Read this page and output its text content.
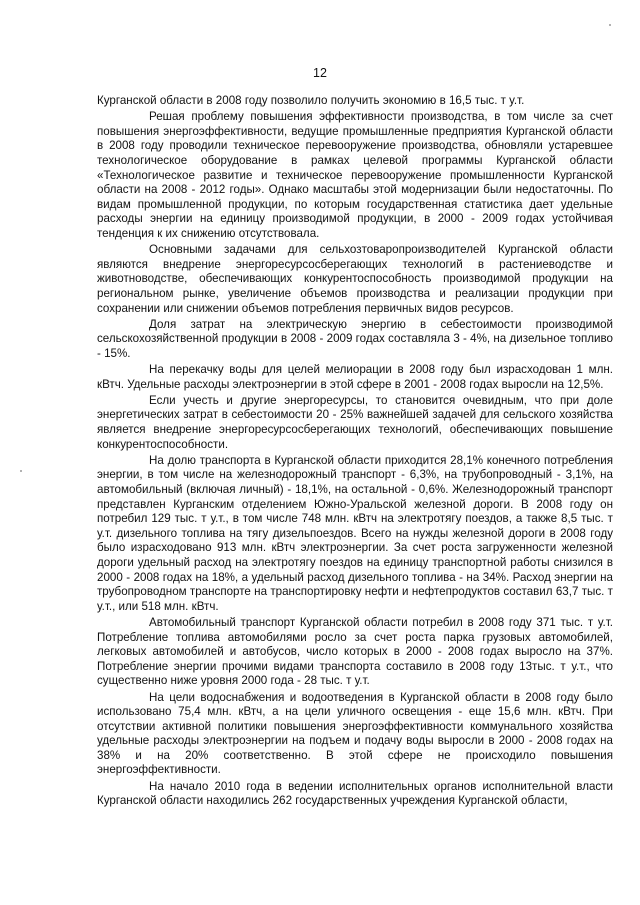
12

Курганской области в 2008 году позволило получить экономию в 16,5 тыс. т у.т.

Решая проблему повышения эффективности производства, в том числе за счет повышения энергоэффективности, ведущие промышленные предприятия Курганской области в 2008 году проводили техническое перевооружение производства, обновляли устаревшее технологическое оборудование в рамках целевой программы Курганской области «Технологическое развитие и техническое перевооружение промышленности Курганской области на 2008 - 2012 годы». Однако масштабы этой модернизации были недостаточны. По видам промышленной продукции, по которым государственная статистика дает удельные расходы энергии на единицу производимой продукции, в 2000 - 2009 годах устойчивая тенденция к их снижению отсутствовала.

Основными задачами для сельхозтоваропроизводителей Курганской области являются внедрение энергоресурсосберегающих технологий в растениеводстве и животноводстве, обеспечивающих конкурентоспособность производимой продукции на региональном рынке, увеличение объемов производства и реализации продукции при сохранении или снижении объемов потребления первичных видов ресурсов.

Доля затрат на электрическую энергию в себестоимости производимой сельскохозяйственной продукции в 2008 - 2009 годах составляла 3 - 4%, на дизельное топливо - 15%.

На перекачку воды для целей мелиорации в 2008 году был израсходован 1 млн. кВтч. Удельные расходы электроэнергии в этой сфере в 2001 - 2008 годах выросли на 12,5%.

Если учесть и другие энергоресурсы, то становится очевидным, что при доле энергетических затрат в себестоимости 20 - 25% важнейшей задачей для сельского хозяйства является внедрение энергоресурсосберегающих технологий, обеспечивающих повышение конкурентоспособности.

На долю транспорта в Курганской области приходится 28,1% конечного потребления энергии, в том числе на железнодорожный транспорт - 6,3%, на трубопроводный - 3,1%, на автомобильный (включая личный) - 18,1%, на остальной - 0,6%. Железнодорожный транспорт представлен Курганским отделением Южно-Уральской железной дороги. В 2008 году он потребил 129 тыс. т у.т., в том числе 748 млн. кВтч на электротягу поездов, а также 8,5 тыс. т у.т. дизельного топлива на тягу дизельпоездов. Всего на нужды железной дороги в 2008 году было израсходовано 913 млн. кВтч электроэнергии. За счет роста загруженности железной дороги удельный расход на электротягу поездов на единицу транспортной работы снизился в 2000 - 2008 годах на 18%, а удельный расход дизельного топлива - на 34%. Расход энергии на трубопроводном транспорте на транспортировку нефти и нефтепродуктов составил 63,7 тыс. т у.т., или 518 млн. кВтч.

Автомобильный транспорт Курганской области потребил в 2008 году 371 тыс. т у.т. Потребление топлива автомобилями росло за счет роста парка грузовых автомобилей, легковых автомобилей и автобусов, число которых в 2000 - 2008 годах выросло на 37%. Потребление энергии прочими видами транспорта составило в 2008 году 13тыс. т у.т., что существенно ниже уровня 2000 года - 28 тыс. т у.т.

На цели водоснабжения и водоотведения в Курганской области в 2008 году было использовано 75,4 млн. кВтч, а на цели уличного освещения - еще 15,6 млн. кВтч. При отсутствии активной политики повышения энергоэффективности коммунального хозяйства удельные расходы электроэнергии на подъем и подачу воды выросли в 2000 - 2008 годах на 38% и на 20% соответственно. В этой сфере не происходило повышения энергоэффективности.

На начало 2010 года в ведении исполнительных органов исполнительной власти Курганской области находились 262 государственных учреждения Курганской области,
